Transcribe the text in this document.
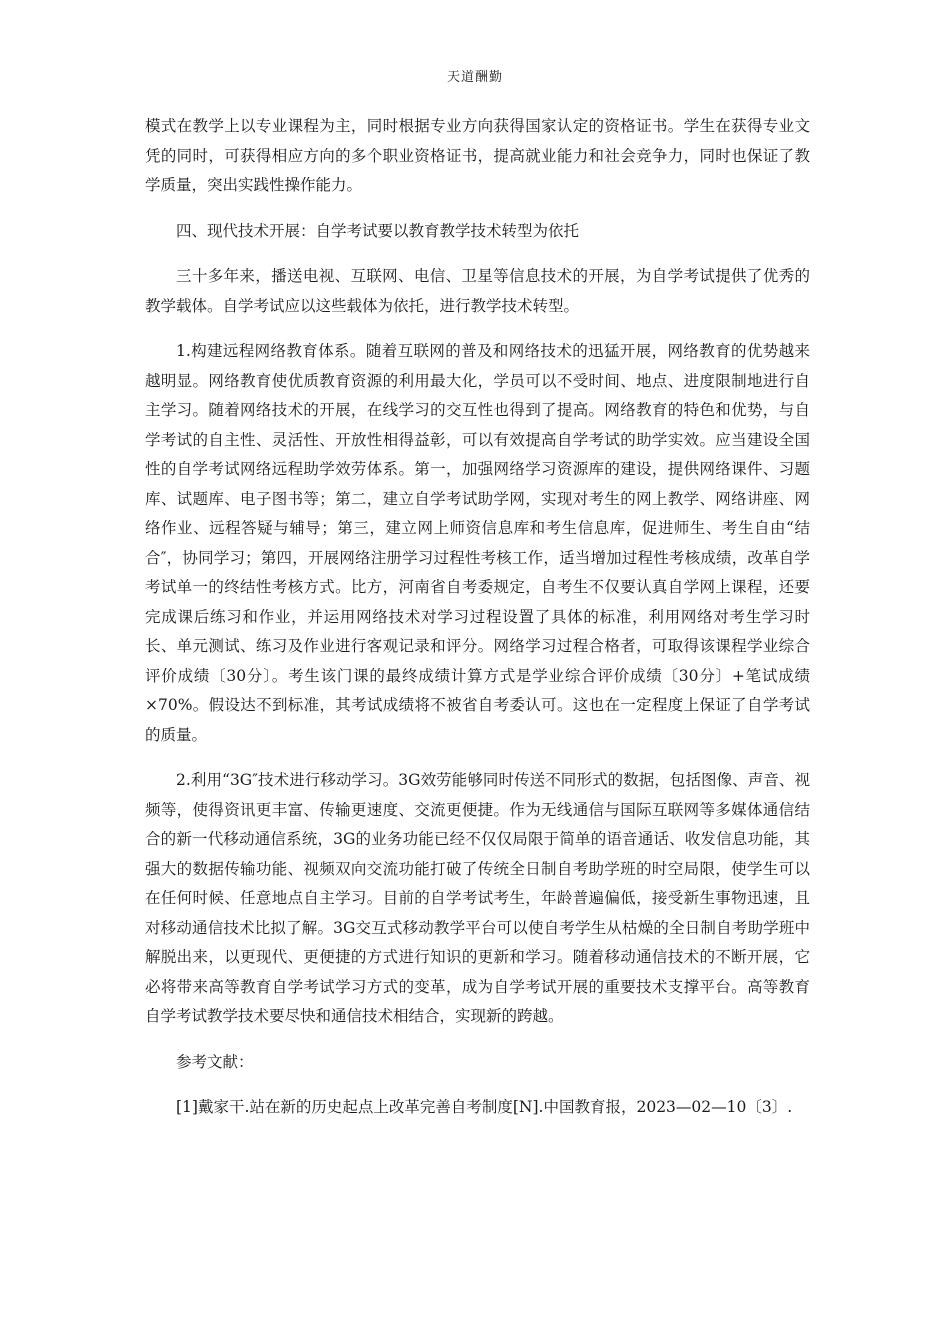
天道酬勤

模式在教学上以专业课程为主，同时根据专业方向获得国家认定的资格证书。学生在获得专业文凭的同时，可获得相应方向的多个职业资格证书，提高就业能力和社会竞争力，同时也保证了教学质量，突出实践性操作能力。

四、现代技术开展：自学考试要以教育教学技术转型为依托

三十多年来，播送电视、互联网、电信、卫星等信息技术的开展，为自学考试提供了优秀的教学载体。自学考试应以这些载体为依托，进行教学技术转型。

1.构建远程网络教育体系。随着互联网的普及和网络技术的迅猛开展，网络教育的优势越来越明显。网络教育使优质教育资源的利用最大化，学员可以不受时间、地点、进度限制地进行自主学习。随着网络技术的开展，在线学习的交互性也得到了提高。网络教育的特色和优势，与自学考试的自主性、灵活性、开放性相得益彰，可以有效提高自学考试的助学实效。应当建设全国性的自学考试网络远程助学效劳体系。第一，加强网络学习资源库的建设，提供网络课件、习题库、试题库、电子图书等；第二，建立自学考试助学网，实现对考生的网上教学、网络讲座、网络作业、远程答疑与辅导；第三，建立网上师资信息库和考生信息库，促进师生、考生自由“结合″，协同学习；第四，开展网络注册学习过程性考核工作，适当增加过程性考核成绩，改革自学考试单一的终结性考核方式。比方，河南省自考委规定，自考生不仅要认真自学网上课程，还要完成课后练习和作业，并运用网络技术对学习过程设置了具体的标准，利用网络对考生学习时长、单元测试、练习及作业进行客观记录和评分。网络学习过程合格者，可取得该课程学业综合评价成绩〔30分〕。考生该门课的最终成绩计算方式是学业综合评价成绩〔30分〕+笔试成绩×70%。假设达不到标准，其考试成绩将不被省自考委认可。这也在一定程度上保证了自学考试的质量。

2.利用“3G″技术进行移动学习。3G效劳能够同时传送不同形式的数据，包括图像、声音、视频等，使得资讯更丰富、传输更速度、交流更便捷。作为无线通信与国际互联网等多媒体通信结合的新一代移动通信系统，3G的业务功能已经不仅仅局限于简单的语音通话、收发信息功能，其强大的数据传输功能、视频双向交流功能打破了传统全日制自考助学班的时空局限，使学生可以在任何时候、任意地点自主学习。目前的自学考试考生，年龄普遍偏低，接受新生事物迅速，且对移动通信技术比拟了解。3G交互式移动教学平台可以使自考学生从枯燥的全日制自考助学班中解脱出来，以更现代、更便捷的方式进行知识的更新和学习。随着移动通信技术的不断开展，它必将带来高等教育自学考试学习方式的变革，成为自学考试开展的重要技术支撑平台。高等教育自学考试教学技术要尽快和通信技术相结合，实现新的跨越。

参考文献：

[1]戴家干.站在新的历史起点上改革完善自考制度[N].中国教育报，2023—02—10〔3〕.
